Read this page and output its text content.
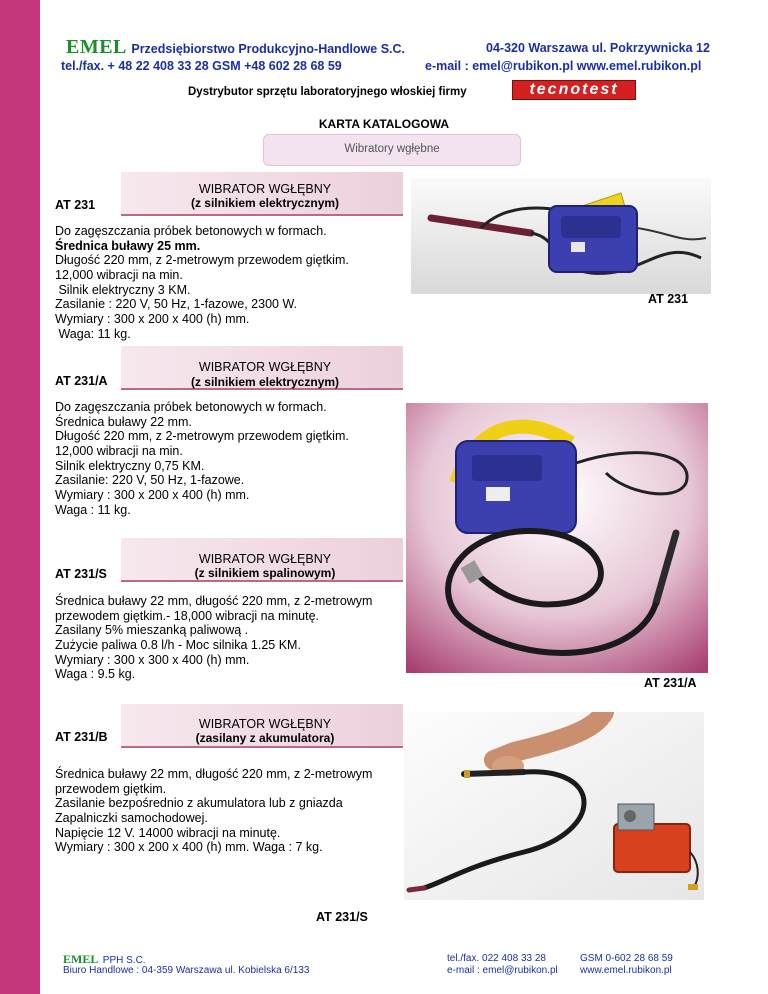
EMEL Przedsiębiorstwo Produkcyjno-Handlowe S.C.	04-320 Warszawa ul. Pokrzywnicka 12
tel./fax. + 48 22 408 33 28 GSM +48 602 28 68 59	e-mail : emel@rubikon.pl www.emel.rubikon.pl
Dystrybutor sprzętu laboratoryjnego włoskiej firmy	tecnotest
KARTA KATALOGOWA
Wibratory wgłębne
AT 231
WIBRATOR WGŁĘBNY
(z silnikiem elektrycznym)
Do zagęszczania próbek betonowych w formach.
Średnica buławy 25 mm.
Długość 220 mm, z 2-metrowym przewodem giętkim.
12,000 wibracji na min.
Silnik elektryczny 3 KM.
Zasilanie : 220 V, 50 Hz, 1-fazowe, 2300 W.
Wymiary : 300 x 200 x 400 (h) mm.
Waga: 11 kg.
AT 231
AT 231/A
WIBRATOR WGŁĘBNY
(z silnikiem elektrycznym)
Do zagęszczania próbek betonowych w formach.
Średnica buławy 22 mm.
Długość 220 mm, z 2-metrowym przewodem giętkim.
12,000 wibracji na min.
Silnik elektryczny 0,75 KM.
Zasilanie: 220 V, 50 Hz, 1-fazowe.
Wymiary : 300 x 200 x 400 (h) mm.
Waga : 11 kg.
AT 231/A
AT 231/S
WIBRATOR WGŁĘBNY
(z silnikiem spalinowym)
Średnica buławy 22 mm, długość 220 mm, z 2-metrowym
przewodem giętkim.- 18,000 wibracji na minutę.
Zasilany 5% mieszanką paliwową .
Zużycie paliwa 0.8 l/h - Moc silnika 1.25 KM.
Wymiary : 300 x 300 x 400 (h) mm.
Waga : 9.5 kg.
AT 231/B
WIBRATOR WGŁĘBNY
(zasilany z akumulatora)
Średnica buławy 22 mm, długość 220 mm, z 2-metrowym
przewodem giętkim.
Zasilanie bezpośrednio z akumulatora lub z gniazda
Zapalniczki samochodowej.
Napięcie 12 V. 14000 wibracji na minutę.
Wymiary : 300 x 200 x 400 (h) mm. Waga : 7 kg.
AT 231/S
EMEL PPH S.C.
Biuro Handlowe : 04-359 Warszawa ul. Kobielska 6/133
tel./fax. 022 408 33 28
e-mail : emel@rubikon.pl
GSM 0-602 28 68 59
www.emel.rubikon.pl
